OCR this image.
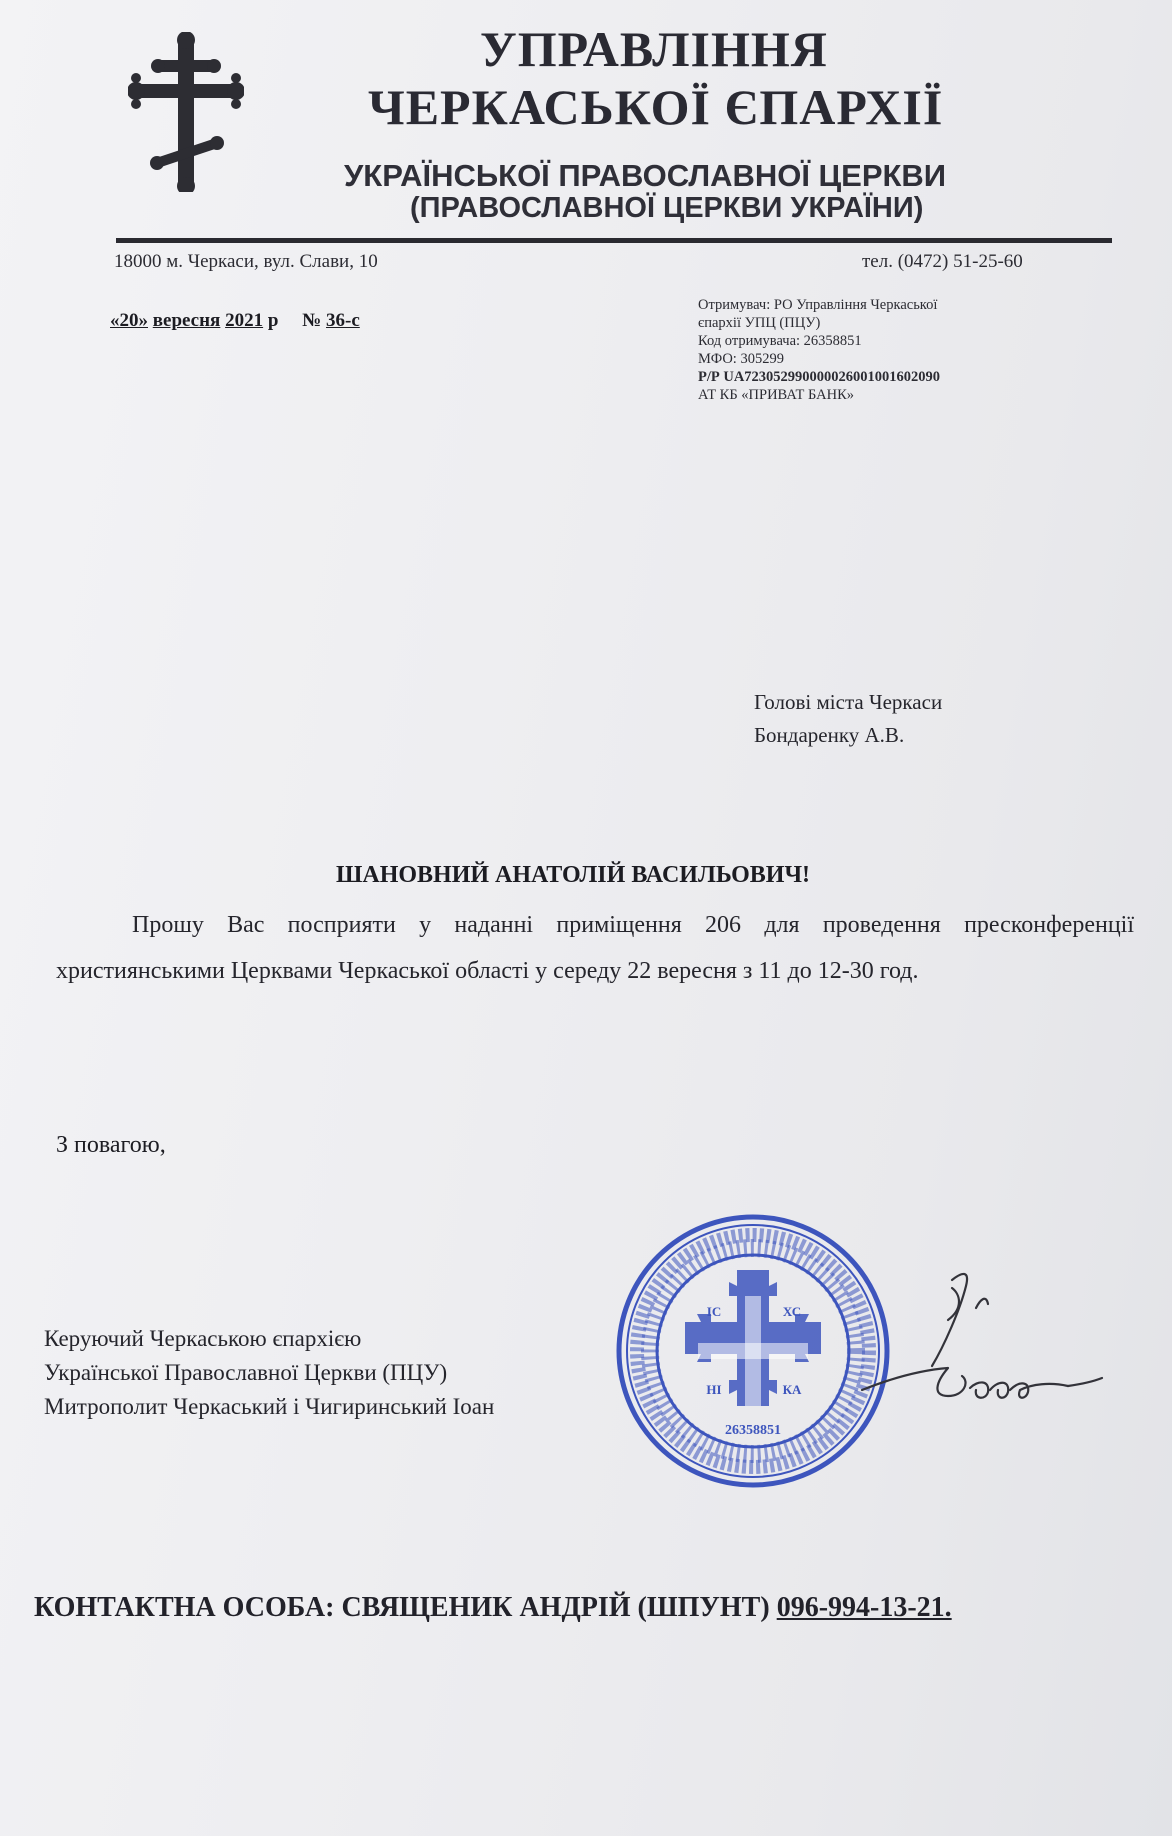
УПРАВЛІННЯ
ЧЕРКАСЬКОЇ ЄПАРХІЇ
УКРАЇНСЬКОЇ ПРАВОСЛАВНОЇ ЦЕРКВИ
(ПРАВОСЛАВНОЇ ЦЕРКВИ УКРАЇНИ)
18000 м. Черкаси, вул. Слави, 10	тел. (0472) 51-25-60
«20» вересня 2021 р № 36-с
Отримувач: РО Управління Черкаської
єпархії УПЦ (ПЦУ)
Код отримувача: 26358851
МФО: 305299
Р/Р UA723052990000026001001602090
АТ КБ «ПРИВАТ БАНК»
Голові міста Черкаси
Бондаренку А.В.
ШАНОВНИЙ АНАТОЛІЙ ВАСИЛЬОВИЧ!
Прошу Вас посприяти у наданні приміщення 206 для проведення пресконференції християнськими Церквами Черкаської області у середу 22 вересня з 11 до 12-30 год.
З повагою,
Керуючий Черкаською єпархією
Української Православної Церкви (ПЦУ)
Митрополит Черкаський і Чигиринський Іоан
ІС	ХС
НІ	КА
26358851
КОНТАКТНА ОСОБА: СВЯЩЕНИК АНДРІЙ (ШПУНТ) 096-994-13-21.
